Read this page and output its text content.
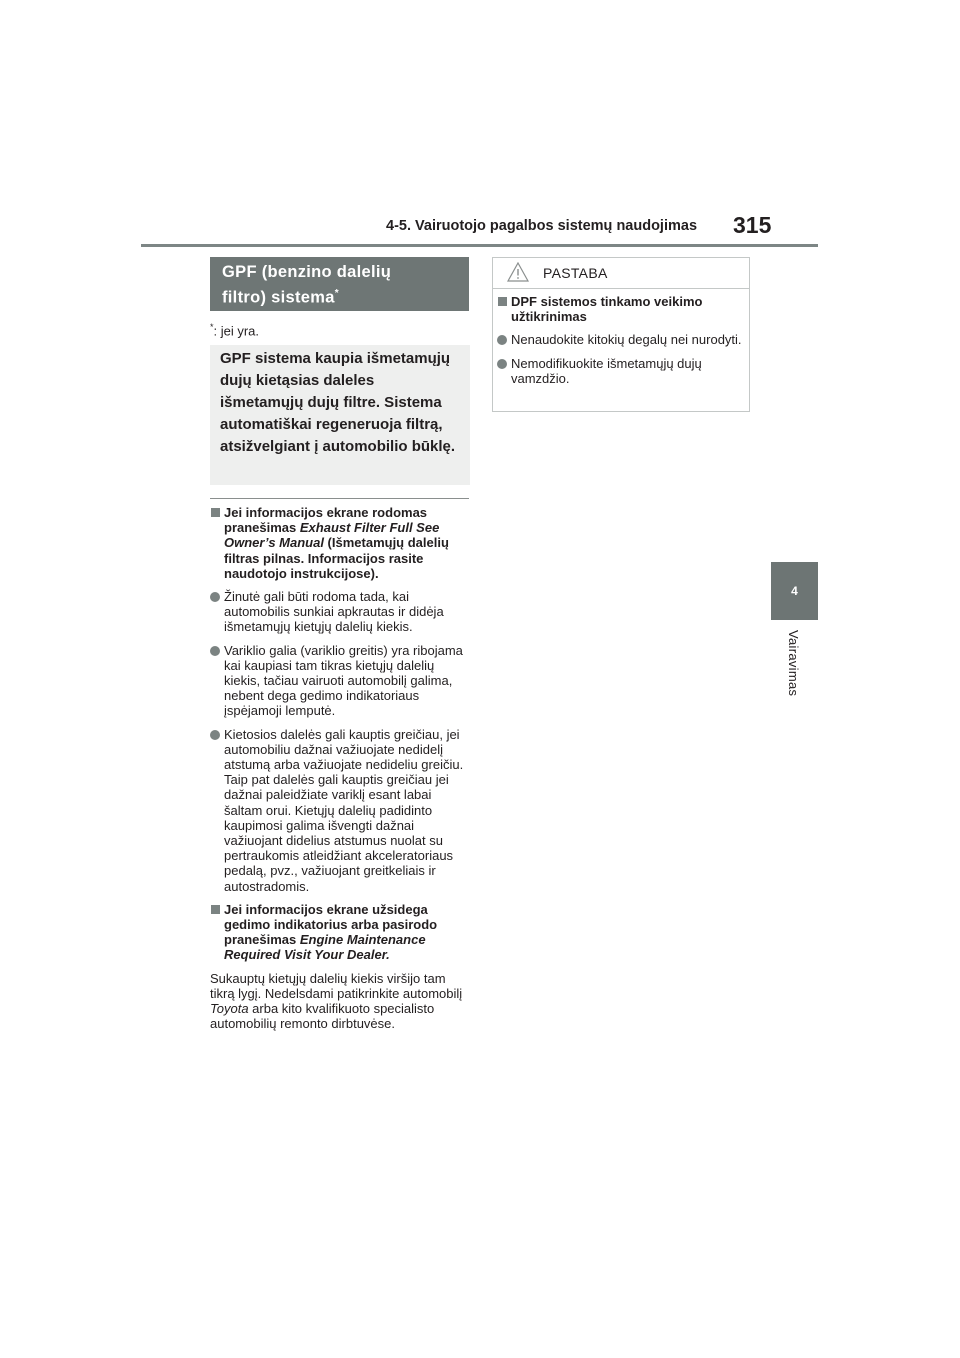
4-5. Vairuotojo pagalbos sistemų naudojimas 315
4
Vairavimas
GPF (benzino dalelių
filtro) sistema*
*: jei yra.
GPF sistema kaupia išmetamųjų dujų kietąsias daleles išmetamųjų dujų filtre. Sistema automatiškai regeneruoja filtrą, atsižvelgiant į automobilio būklę.
Jei informacijos ekrane rodomas pranešimas Exhaust Filter Full See Owner’s Manual (Išmetamųjų dalelių filtras pilnas. Informacijos rasite naudotojo instrukcijose).
Žinutė gali būti rodoma tada, kai automobilis sunkiai apkrautas ir didėja išmetamųjų kietųjų dalelių kiekis.
Variklio galia (variklio greitis) yra ribojama kai kaupiasi tam tikras kietųjų dalelių kiekis, tačiau vairuoti automobilį galima, nebent dega gedimo indikatoriaus įspėjamoji lemputė.
Kietosios dalelės gali kauptis greičiau, jei automobiliu dažnai važiuojate nedidelį atstumą arba važiuojate nedideliu greičiu. Taip pat dalelės gali kauptis greičiau jei dažnai paleidžiate variklį esant labai šaltam orui. Kietųjų dalelių padidinto kaupimosi galima išvengti dažnai važiuojant didelius atstumus nuolat su pertraukomis atleidžiant akceleratoriaus pedalą, pvz., važiuojant greitkeliais ir autostradomis.
Jei informacijos ekrane užsidega gedimo indikatorius arba pasirodo pranešimas Engine Maintenance Required Visit Your Dealer.
Sukauptų kietųjų dalelių kiekis viršijo tam tikrą lygį. Nedelsdami patikrinkite automobilį Toyota arba kito kvalifikuoto specialisto automobilių remonto dirbtuvėse.
PASTABA
DPF sistemos tinkamo veikimo užtikrinimas
Nenaudokite kitokių degalų nei nurodyti.
Nemodifikuokite išmetamųjų dujų vamzdžio.
